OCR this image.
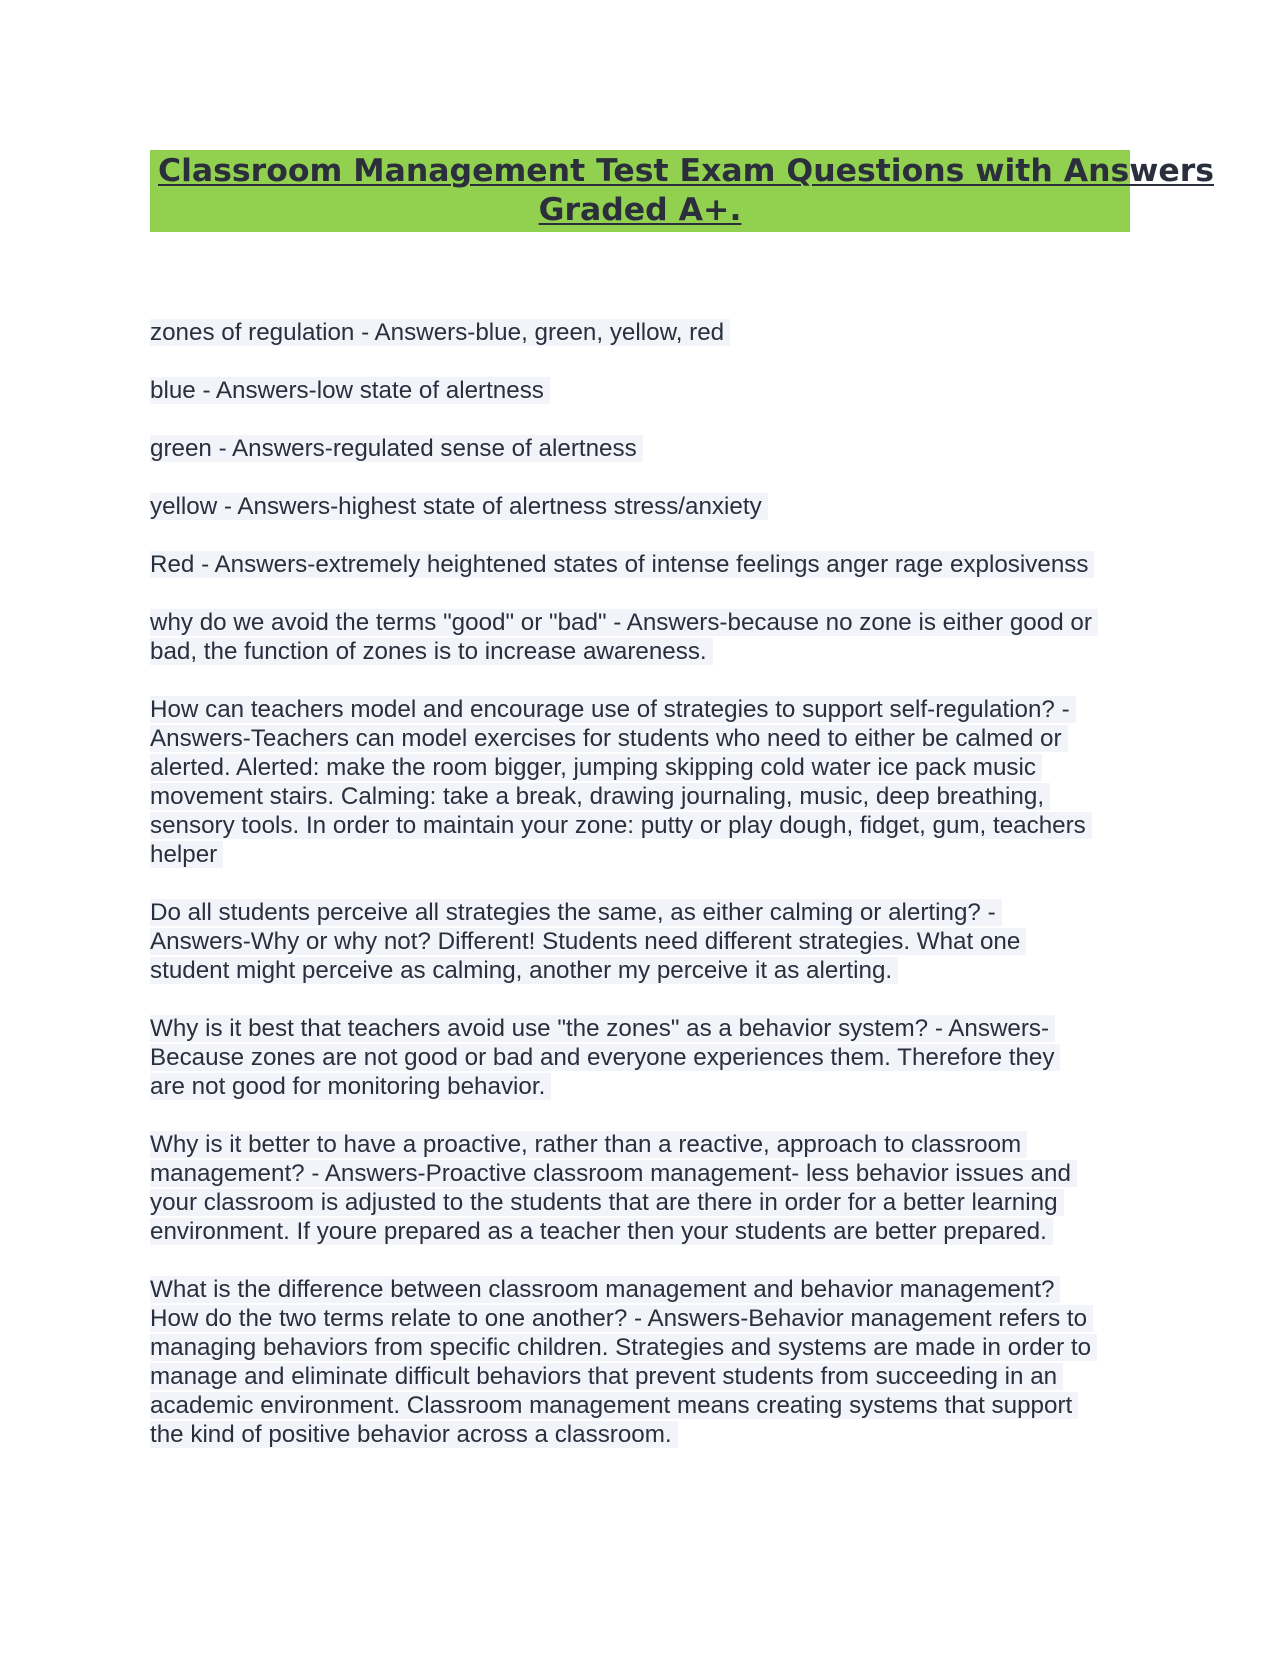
Classroom Management Test Exam Questions with Answers
Graded A+.

zones of regulation - Answers-blue, green, yellow, red

blue - Answers-low state of alertness

green - Answers-regulated sense of alertness

yellow - Answers-highest state of alertness stress/anxiety

Red - Answers-extremely heightened states of intense feelings anger rage explosivenss

why do we avoid the terms "good" or "bad" - Answers-because no zone is either good or
bad, the function of zones is to increase awareness.

How can teachers model and encourage use of strategies to support self-regulation? -
Answers-Teachers can model exercises for students who need to either be calmed or
alerted. Alerted: make the room bigger, jumping skipping cold water ice pack music
movement stairs. Calming: take a break, drawing journaling, music, deep breathing,
sensory tools. In order to maintain your zone: putty or play dough, fidget, gum, teachers
helper

Do all students perceive all strategies the same, as either calming or alerting? -
Answers-Why or why not? Different! Students need different strategies. What one
student might perceive as calming, another my perceive it as alerting.

Why is it best that teachers avoid use "the zones" as a behavior system? - Answers-
Because zones are not good or bad and everyone experiences them. Therefore they
are not good for monitoring behavior.

Why is it better to have a proactive, rather than a reactive, approach to classroom
management? - Answers-Proactive classroom management- less behavior issues and
your classroom is adjusted to the students that are there in order for a better learning
environment. If youre prepared as a teacher then your students are better prepared.

What is the difference between classroom management and behavior management?
How do the two terms relate to one another? - Answers-Behavior management refers to
managing behaviors from specific children. Strategies and systems are made in order to
manage and eliminate difficult behaviors that prevent students from succeeding in an
academic environment. Classroom management means creating systems that support
the kind of positive behavior across a classroom.
